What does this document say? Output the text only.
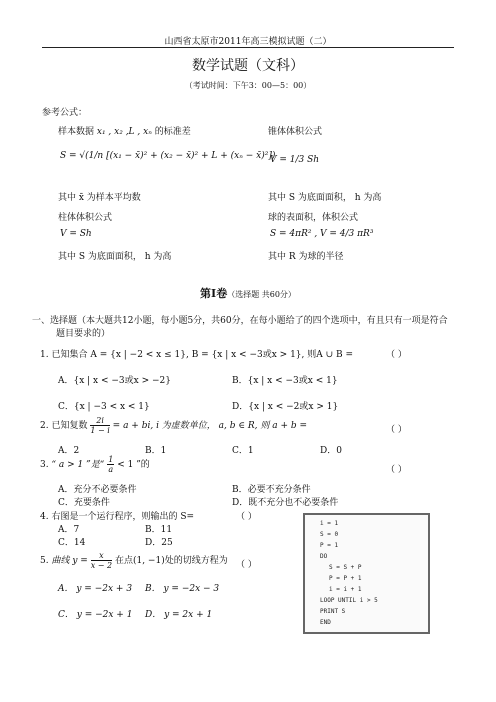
山西省太原市2011年高三模拟试题（二）
数学试题（文科）
（考试时间：下午3：00—5：00）
参考公式：
样本数据 x₁ , x₂ ,L , xₙ 的标准差
S = √(1/n [(x₁ − x̄)² + (x₂ − x̄)² + L + (xₙ − x̄)²])
其中 x̄ 为样本平均数
锥体体积公式
V = 1/3 Sh
其中 S 为底面面积， h 为高
柱体体积公式
V = Sh
其中 S 为底面面积， h 为高
球的表面积，体积公式
S = 4πR² , V = 4/3 πR³
其中 R 为球的半径
第Ⅰ卷（选择题 共60分）
一、选择题（本大题共12小题，每小题5分，共60分，在每小题给了的四个选项中，有且只有一项是符合
题目要求的）
1. 已知集合 A = {x | −2 < x ≤ 1}, B = {x | x < −3或x > 1}, 则A ∪ B =	（ ）
A．{x | x < −3或x > −2}	B．{x | x < −3或x < 1}
C．{x | −3 < x < 1}	D．{x | x < −2或x > 1}
2. 已知复数 $\frac{2i}{1 - i} = a$ + bi, i 为虚数单位， a, b ∈ R, 则 a + b =	（ ）
A．2	B．1	C．1	D．0
3. “ a > 1 ”是“ $\frac{1}{a} < 1$ ”的	（ ）
A．充分不必要条件	B．必要不充分条件
C．充要条件	D．既不充分也不必要条件
4. 右图是一个运行程序，则输出的 S=	（ ）
A．7	B．11
C．14	D．25
5. 曲线 $y = \frac{x}{x - 2}$ 在点(1, −1)处的切线方程为 （ ）
A． y = −2x + 3 B． y = −2x − 3
C． y = −2x + 1 D． y = 2x + 1
i = 1
S = 0
P = 1
DO
S = S + P
P = P + 1
i = i + 1
LOOP UNTIL i > 5
PRINT S
END
